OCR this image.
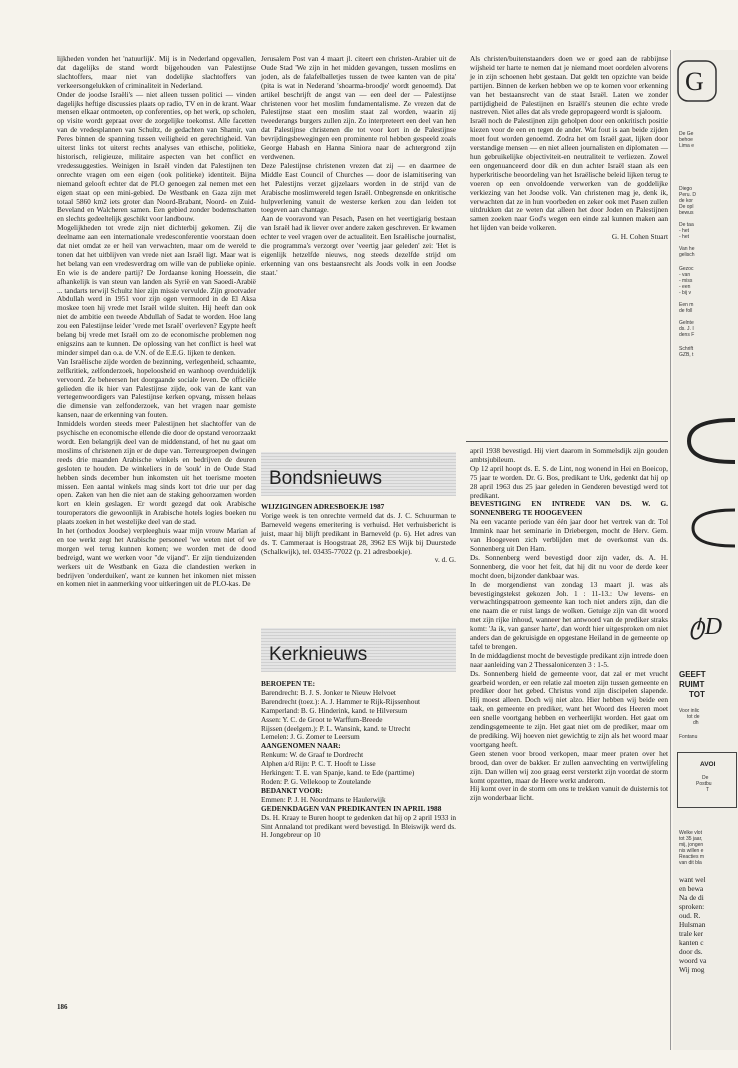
lijkheden vonden het 'natuurlijk'. Mij is in Nederland opgevallen, dat dagelijks de stand wordt bijgehouden van Palestijnse slachtoffers, maar niet van dodelijke slachtoffers van verkeersongelukken of criminaliteit in Nederland.

Onder de joodse Israëli's — niet alleen tussen politici — vinden dagelijks heftige discussies plaats op radio, TV en in de krant. Waar mensen elkaar ontmoeten, op conferenties, op het werk, op scholen, op visite wordt gepraat over de zorgelijke toekomst. Alle facetten van de vredesplannen van Schultz, de gedachten van Shamir, van Peres binnen de spanning tussen veiligheid en gerechtigheid. Van uiterst links tot uiterst rechts analyses van ethische, politieke, historisch, religieuze, militaire aspecten van het conflict en vredessuggesties. Weinigen in Israël vinden dat Palestijnen ten onrechte vragen om een eigen (ook politieke) identiteit. Bijna niemand gelooft echter dat de PLO genoegen zal nemen met een eigen staat op een mini-gebied. De Westbank en Gaza zijn met totaal 5860 km2 iets groter dan Noord-Brabant, Noord- en Zuid-Beveland en Walcheren samen. Een gebied zonder bodemschatten en slechts gedeeltelijk geschikt voor landbouw.

Mogelijkheden tot vrede zijn niet dichterbij gekomen. Zij die deelname aan een internationale vredesconferentie voorstaan doen dat niet omdat ze er heil van verwachten, maar om de wereld te tonen dat het uitblijven van vrede niet aan Israël ligt. Maar wat is het belang van een vredesverdrag om wille van de publieke opinie. En wie is de andere partij? De Jordaanse koning Hoessein, die afhankelijk is van steun van landen als Syrië en van Saoedi-Arabië ... tandarts terwijl Schultz hier zijn missie vervulde. Zijn grootvader Abdullah werd in 1951 voor zijn ogen vermoord in de El Aksa moskee toen hij vrede met Israël wilde sluiten. Hij heeft dan ook niet de ambitie een tweede Abdullah of Sadat te worden. Hoe lang zou een Palestijnse leider 'vrede met Israël' overleven? Egypte heeft belang bij vrede met Israël om zo de economische problemen nog enigszins aan te kunnen. De oplossing van het conflict is heel wat minder simpel dan o.a. de V.N. of de E.E.G. lijken te denken.

Van Israëlische zijde worden de bezinning, verlegenheid, schaamte, zelfkritiek, zelfonderzoek, hopeloosheid en wanhoop overduidelijk vervoord. Ze beheersen het doorgaande sociale leven. De officiële gelieden die ik hier van Palestijnse zijde, ook van de kant van vertegenwoordigers van Palestijnse kerken opvang, missen helaas die dimensie van zelfonderzoek, van het vragen naar gemiste kansen, naar de erkenning van fouten.

Inmiddels worden steeds meer Palestijnen het slachtoffer van de psychische en economische ellende die door de opstand veroorzaakt wordt. Een belangrijk deel van de middenstand, of het nu gaat om moslims of christenen zijn er de dupe van. Terreurgroepen dwingen reeds drie maanden Arabische winkels en bedrijven de deuren gesloten te houden. De winkeliers in de 'souk' in de Oude Stad hebben sinds december hun inkomsten uit het toerisme moeten missen. Een aantal winkels mag sinds kort tot drie uur per dag open. Zaken van hen die niet aan de staking gehoorzamen worden kort en klein geslagen. Er wordt gezegd dat ook Arabische touroperators die gewoonlijk in Arabische hotels logies boeken nu plaats zoeken in het westelijke deel van de stad.

In het (orthodox Joodse) verpleeghuis waar mijn vrouw Marian af en toe werkt zegt het Arabische personeel 'we weten niet of we morgen wel terug kunnen komen; we worden met de dood bedreigd, want we werken voor "de vijand". Er zijn tienduizenden werkers uit de Westbank en Gaza die clandestien werken in bedrijven 'onderduiken', want ze kunnen het inkomen niet missen en komen niet in aanmerking voor uitkeringen uit de PLO-kas. De

Jerusalem Post van 4 maart jl. citeert een christen-Arabier uit de Oude Stad 'We zijn in het midden gevangen, tussen moslims en joden, als de falafelballetjes tussen de twee kanten van de pita' (pita is wat in Nederand 'shoarma-broodje' wordt genoemd). Dat artikel beschrijft de angst van — een deel der — Palestijnse christenen voor het moslim fundamentalisme. Ze vrezen dat de Palestijnse staat een moslim staat zal worden, waarin zij tweederangs burgers zullen zijn. Zo interpreteert een deel van hen dat Palestijnse christenen die tot voor kort in de Palestijnse bevrijdingsbewegingen een prominente rol hebben gespeeld zoals George Habash en Hanna Siniora naar de achtergrond zijn verdwenen.

Deze Palestijnse christenen vrezen dat zij — en daarmee de Middle East Council of Churches — door de islamitisering van het Palestijns verzet gijzelaars worden in de strijd van de Arabische moslimwereld tegen Israël. Onbegrensde en onkritische hulpverlening vanuit de westerse kerken zou dan leiden tot toegeven aan chantage.

Aan de vooravond van Pesach, Pasen en het veertigjarig bestaan van Israël had ik liever over andere zaken geschreven. Er kwamen echter te veel vragen over de actualiteit. Een Israëlische journalist, die programma's verzorgt over 'veertig jaar geleden' zei: 'Het is eigenlijk hetzelfde nieuws, nog steeds dezelfde strijd om erkenning van ons bestaansrecht als Joods volk in een Joodse staat.'

Als christen/buitenstaanders doen we er goed aan de rabbijnse wijsheid ter harte te nemen dat je niemand moet oordelen alvorens je in zijn schoenen hebt gestaan. Dat geldt ten opzichte van beide partijen. Binnen de kerken hebben we op te komen voor erkenning van het bestaansrecht van de staat Israël. Laten we zonder partijdigheid de Palestijnen en Israëli's steunen die echte vrede nastreven. Niet alles dat als vrede gepropageerd wordt is sjaloom.

Israël noch de Palestijnen zijn geholpen door een onkritisch positie kiezen voor de een en tegen de ander. Wat fout is aan beide zijden moet fout worden genoemd. Zodra het om Israël gaat, lijken door verstandige mensen — en niet alleen journalisten en diplomaten — hun gebruikelijke objectiviteit-en neutraliteit te verliezen. Zowel een ongenuanceerd door dik en dun achter Israël staan als een hyperkritische beoordeling van het Israëlische beleid lijken terug te voeren op een onvoldoende verwerken van de goddelijke verkiezing van het Joodse volk. Van christenen mag je, denk ik, verwachten dat ze in hun voorbeden en zeker ook met Pasen zullen uitdrukken dat ze weten dat alleen het door Joden en Palestijnen samen zoeken naar God's wegen een einde zal kunnen maken aan het lijden van beide volkeren.

G. H. Cohen Stuart

Bondsnieuws

WIJZIGINGEN ADRESBOEKJE 1987

Vorige week is ten onrechte vermeld dat ds. J. C. Schuurman te Barneveld wegens emeritering is verhuisd. Het verhuisbericht is juist, maar hij blijft predikant in Barneveld (p. 6). Het adres van ds. T. Cammeraat is Hoogstraat 28, 3962 ES Wijk bij Duurstede (Schalkwijk), tel. 03435-77022 (p. 21 adresboekje).

v. d. G.

Kerknieuws

BEROEPEN TE:

Barendrecht: B. J. S. Jonker te Nieuw Helvoet

Barendrecht (toez.): A. J. Hammer te Rijk-Rijssenhout

Kamperland: B. G. Hinderink, kand. te Hilversum

Assen: Y. C. de Groot te Warffum-Breede

Rijssen (deelgem.): P. L. Wansink, kand. te Utrecht

Lemelen: J. G. Zomer te Leersum

AANGENOMEN NAAR:

Renkum: W. de Graaf te Dordrecht

Alphen a/d Rijn: P. C. T. Hooft te Lisse

Herkingen: T. E. van Spanje, kand. te Ede (parttime)

Roden: P. G. Vellekoop te Zoutelande

BEDANKT VOOR:

Emmen: P. J. H. Noordmans te Haulerwijk

GEDENKDAGEN VAN PREDIKANTEN IN APRIL 1988

Ds. H. Kraay te Buren hoopt te gedenken dat hij op 2 april 1933 in Sint Annaland tot predikant werd bevestigd. In Bleiswijk werd ds. H. Jongebreur op 10

april 1938 bevestigd. Hij viert daarom in Sommelsdijk zijn gouden ambtsjubileum.

Op 12 april hoopt ds. E. S. de Lint, nog wonend in Hei en Boeicop, 75 jaar te worden. Dr. G. Bos, predikant te Urk, gedenkt dat hij op 28 april 1963 dus 25 jaar geleden in Genderen bevestigd werd tot predikant.

BEVESTIGING EN INTREDE VAN DS. W. G. SONNENBERG TE HOOGEVEEN

Na een vacante periode van één jaar door het vertrek van dr. Tol Immink naar het seminarie in Driebergen, mocht de Herv. Gem. van Hoogeveen zich verblijden met de overkomst van ds. Sonnenberg uit Den Ham.

Ds. Sonnenberg werd bevestigd door zijn vader, ds. A. H. Sonnenberg, die voor het feit, dat hij dit nu voor de derde keer mocht doen, bijzonder dankbaar was.

In de morgendienst van zondag 13 maart jl. was als bevestigingstekst gekozen Joh. 1 : 11-13.: Uw levens- en verwachtingspatroon gemeente kan toch niet anders zijn, dan die ene naam die er ruist langs de wolken. Getuige zijn van dit woord met zijn rijke inhoud, wanneer het antwoord van de prediker straks komt: 'Ja ik, van ganser harte', dan wordt hier uitgesproken om niet anders dan de gekruisigde en opgestane Heiland in de gemeente op tafel te brengen.

In de middagdienst mocht de bevestigde predikant zijn intrede doen naar aanleiding van 2 Thessalonicenzen 3 : 1-5.

Ds. Sonnenberg hield de gemeente voor, dat zal er met vrucht gearbeid worden, er een relatie zal moeten zijn tussen gemeente en prediker door het gebed. Christus vond zijn discipelen slapende. Hij moest alleen. Doch wij niet alzo. Hier hebben wij beide een taak, en gemeente en prediker, want het Woord des Heeren moet een snelle voortgang hebben en verheerlijkt worden. Het gaat om zendingsgemeente te zijn. Het gaat niet om de prediker, maar om de prediking. Wij hoeven niet gewichtig te zijn als het woord maar voortgang heeft.

Geen stenen voor brood verkopen, maar meer praten over het brood, dan over de bakker. Er zullen aanvechting en vertwijfeling zijn. Dan willen wij zoo graag eerst versterkt zijn voordat de storm komt opzetten, maar de Heere werkt anderom.

Hij komt over in de storm om ons te trekken vanuit de duisternis tot zijn wonderbaar licht.

186
G
De Ge
behoe
Lima e
Diego
Peru. D
de kor
De opl
bewus
De taa
- het
- het
Van he
gelisch
Gezoc
- van
- miss
- een
- bij v
Een m
de foll
Gelnte
ds. J. I
dens F
Schrift
GZB, t
ტD
GEEFT
RUIMT
TOT
Voor inlic
tot de
dh
Fontanu
AVOI
De
Postbu
T
Welke vlot
tot 35 jaar,
mij, jongen
nis willen e
Reacties m
van dit bla
want wel
en bewa
Na de di
sproken:
oud. R.
Hulsman
trale ker
kanten c
door ds.
woord va
Wij mog
